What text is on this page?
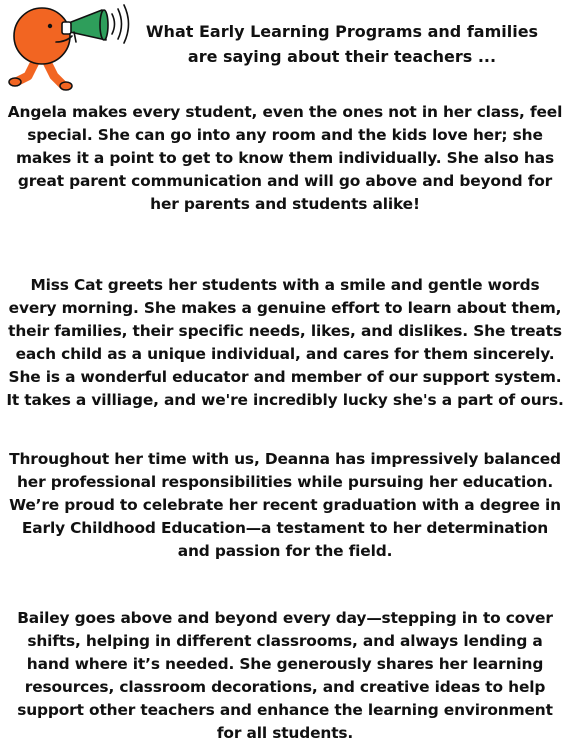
What Early Learning Programs and families are saying about their teachers ...

Angela makes every student, even the ones not in her class, feel special. She can go into any room and the kids love her; she makes it a point to get to know them individually. She also has great parent communication and will go above and beyond for her parents and students alike!

Miss Cat greets her students with a smile and gentle words every morning. She makes a genuine effort to learn about them, their families, their specific needs, likes, and dislikes. She treats each child as a unique individual, and cares for them sincerely. She is a wonderful educator and member of our support system. It takes a villiage, and we're incredibly lucky she's a part of ours.

Throughout her time with us, Deanna has impressively balanced her professional responsibilities while pursuing her education. We’re proud to celebrate her recent graduation with a degree in Early Childhood Education—a testament to her determination and passion for the field.

Bailey goes above and beyond every day—stepping in to cover shifts, helping in different classrooms, and always lending a hand where it’s needed. She generously shares her learning resources, classroom decorations, and creative ideas to help support other teachers and enhance the learning environment for all students.
